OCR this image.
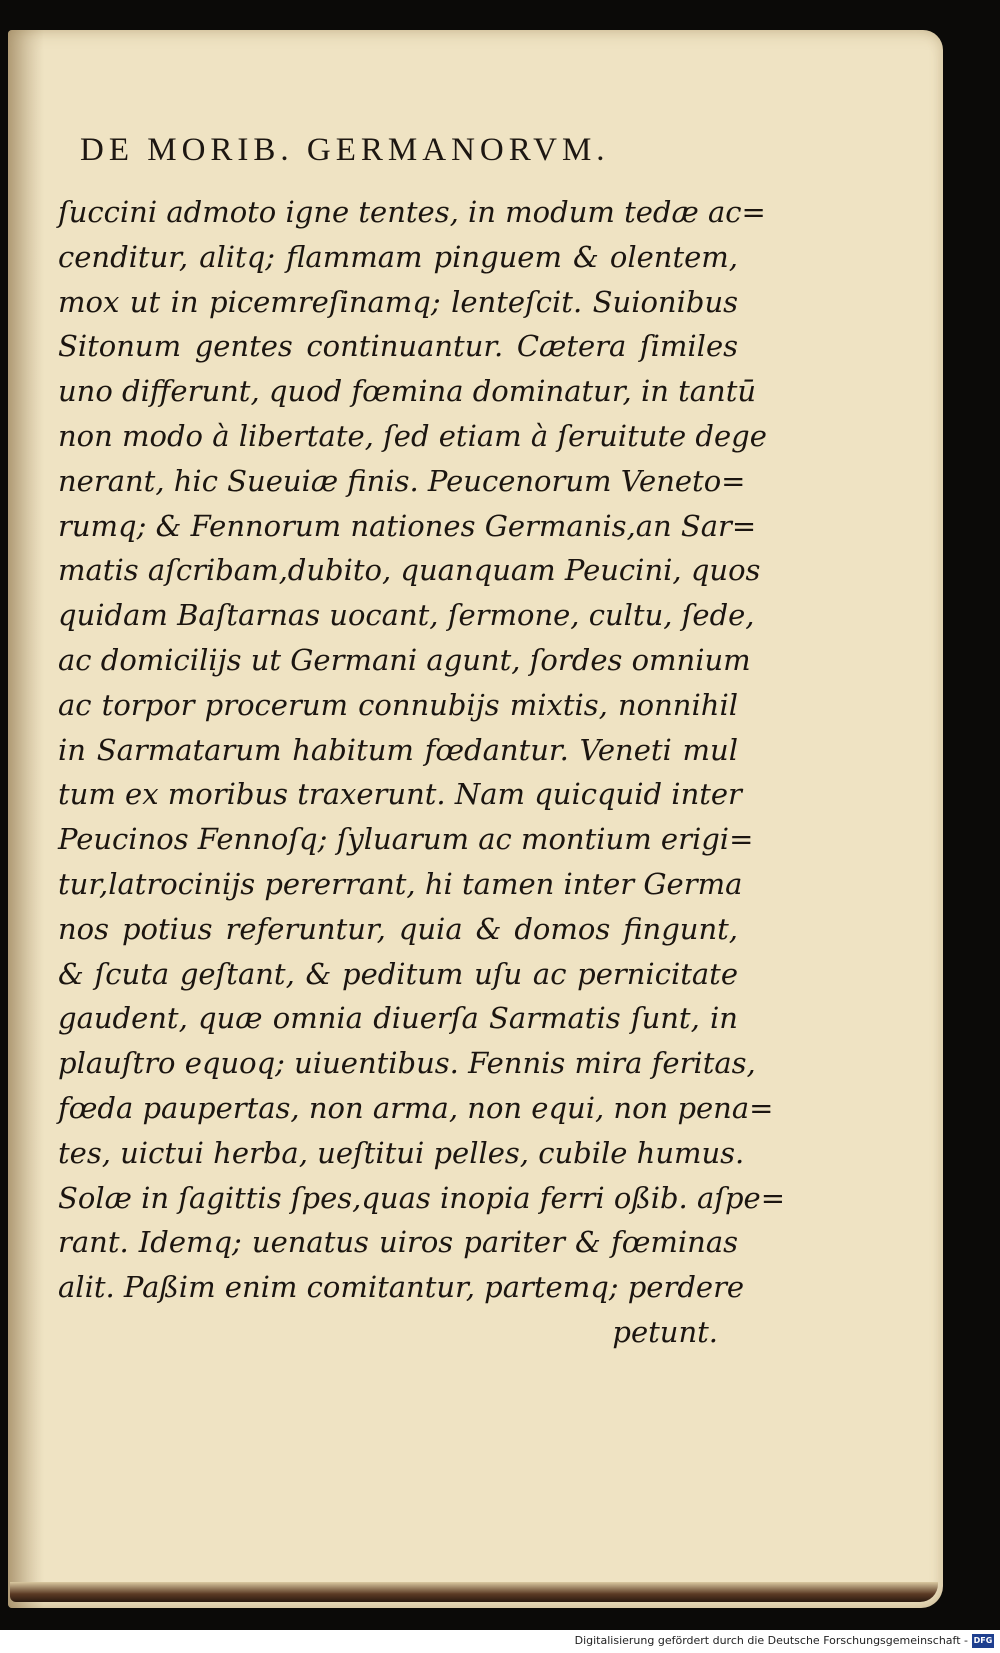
DE MORIB. GERMANORVM.
ſuccini admoto igne tentes, in modum tedæ ac=
cenditur, alitq; flammam pinguem & olentem,
mox ut in picemreſinamq; lenteſcit. Suionibus
Sitonum gentes continuantur. Cætera ſimiles
uno differunt, quod fœmina dominatur, in tantū
non modo à libertate, ſed etiam à ſeruitute dege
nerant, hic Sueuiæ finis. Peucenorum Veneto=
rumq; & Fennorum nationes Germanis,an Sar=
matis aſcribam,dubito, quanquam Peucini, quos
quidam Baſtarnas uocant, ſermone, cultu, ſede,
ac domicilijs ut Germani agunt, ſordes omnium
ac torpor procerum connubijs mixtis, nonnihil
in Sarmatarum habitum fœdantur. Veneti mul
tum ex moribus traxerunt. Nam quicquid inter
Peucinos Fennoſq; ſyluarum ac montium erigi=
tur,latrocinijs pererrant, hi tamen inter Germa
nos potius referuntur, quia & domos fingunt,
& ſcuta geſtant, & peditum uſu ac pernicitate
gaudent, quæ omnia diuerſa Sarmatis ſunt, in
plauſtro equoq; uiuentibus. Fennis mira feritas,
fœda paupertas, non arma, non equi, non pena=
tes, uictui herba, ueſtitui pelles, cubile humus.
Solæ in ſagittis ſpes,quas inopia ferri oßib. aſpe=
rant. Idemq; uenatus uiros pariter & fœminas
alit. Paßim enim comitantur, partemq; perdere
petunt.
Digitalisierung gefördert durch die Deutsche Forschungsgemeinschaft - DFG
